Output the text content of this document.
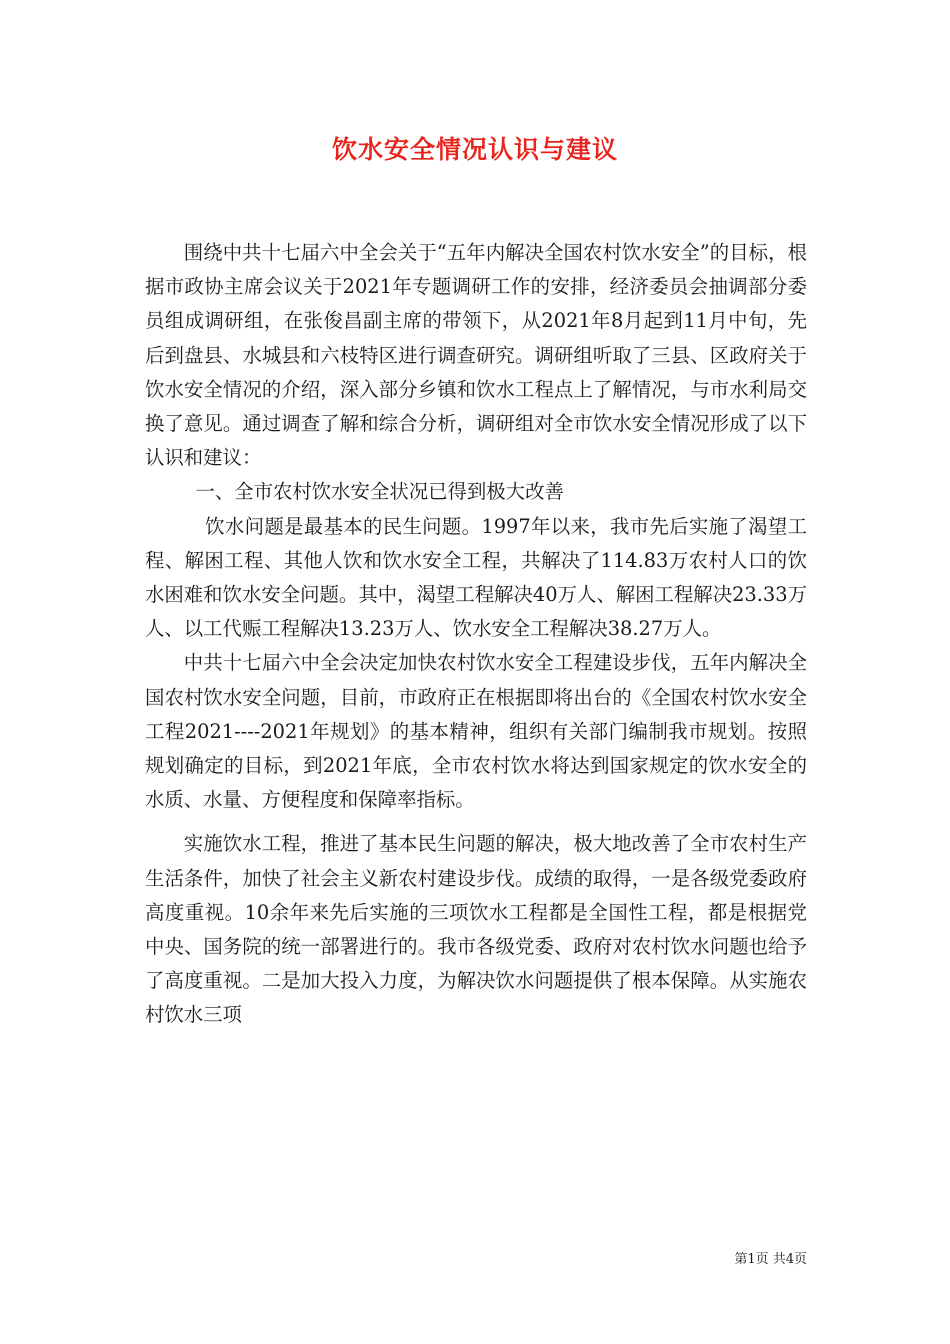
饮水安全情况认识与建议

围绕中共十七届六中全会关于“五年内解决全国农村饮水安全”的目标，根据市政协主席会议关于2021年专题调研工作的安排，经济委员会抽调部分委员组成调研组，在张俊昌副主席的带领下，从2021年8月起到11月中旬，先后到盘县、水城县和六枝特区进行调查研究。调研组听取了三县、区政府关于饮水安全情况的介绍，深入部分乡镇和饮水工程点上了解情况，与市水利局交换了意见。通过调查了解和综合分析，调研组对全市饮水安全情况形成了以下认识和建议：

一、全市农村饮水安全状况已得到极大改善

饮水问题是最基本的民生问题。1997年以来，我市先后实施了渴望工程、解困工程、其他人饮和饮水安全工程，共解决了114.83万农村人口的饮水困难和饮水安全问题。其中，渴望工程解决40万人、解困工程解决23.33万人、以工代赈工程解决13.23万人、饮水安全工程解决38.27万人。

中共十七届六中全会决定加快农村饮水安全工程建设步伐，五年内解决全国农村饮水安全问题，目前，市政府正在根据即将出台的《全国农村饮水安全工程2021----2021年规划》的基本精神，组织有关部门编制我市规划。按照规划确定的目标，到2021年底，全市农村饮水将达到国家规定的饮水安全的水质、水量、方便程度和保障率指标。

实施饮水工程，推进了基本民生问题的解决，极大地改善了全市农村生产生活条件，加快了社会主义新农村建设步伐。成绩的取得，一是各级党委政府高度重视。10余年来先后实施的三项饮水工程都是全国性工程，都是根据党中央、国务院的统一部署进行的。我市各级党委、政府对农村饮水问题也给予了高度重视。二是加大投入力度，为解决饮水问题提供了根本保障。从实施农村饮水三项

第1页 共4页
